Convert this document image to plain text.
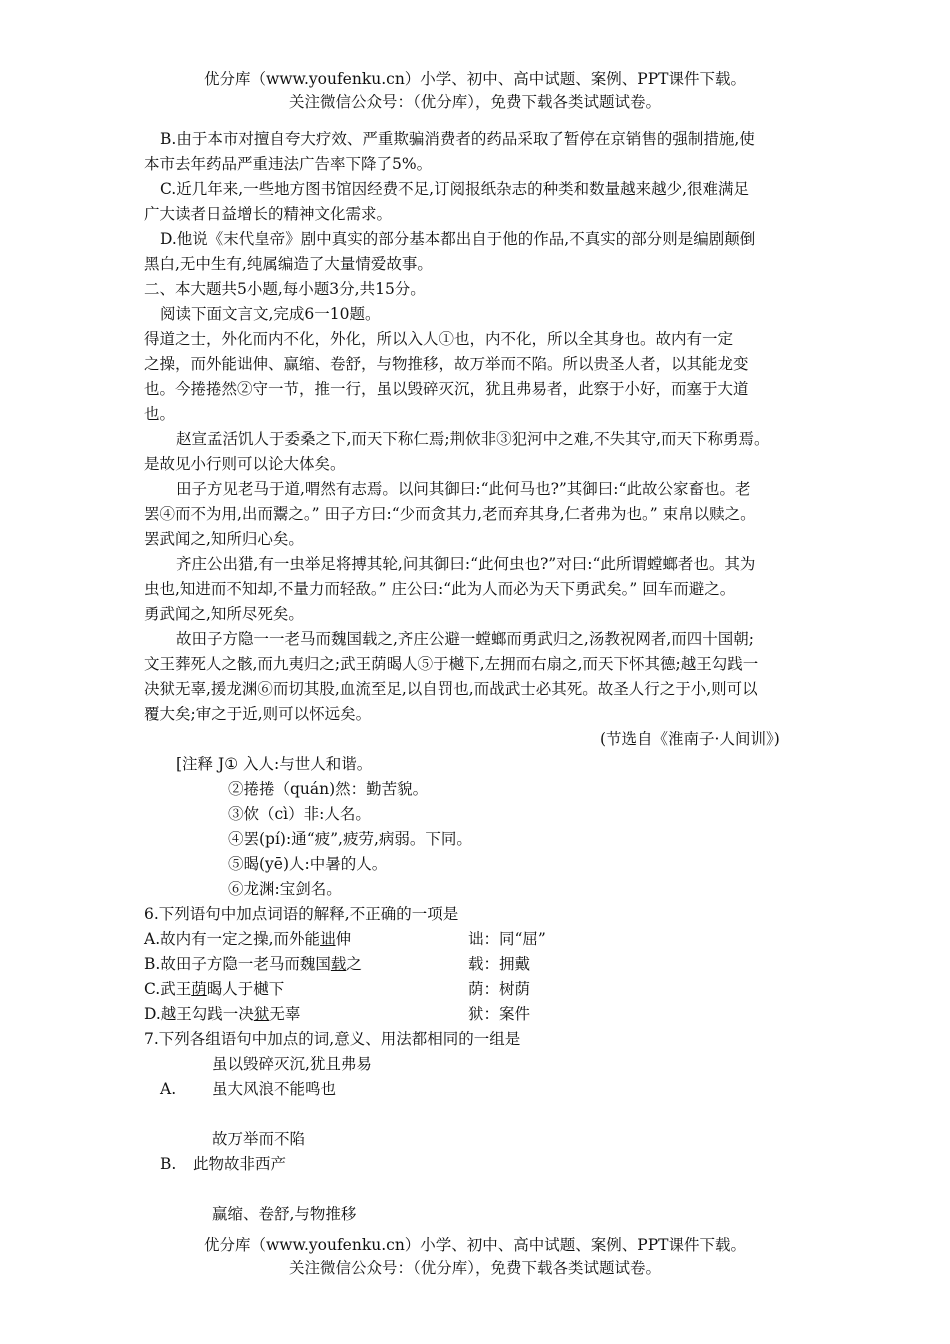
优分库（www.youfenku.cn）小学、初中、高中试题、案例、PPT课件下载。
关注微信公众号：（优分库），免费下载各类试题试卷。
B.由于本市对擅自夸大疗效、严重欺骗消费者的药品采取了暂停在京销售的强制措施,使
本市去年药品严重违法广告率下降了5%。
C.近几年来,一些地方图书馆因经费不足,订阅报纸杂志的种类和数量越来越少,很难满足
广大读者日益增长的精神文化需求。
D.他说《末代皇帝》剧中真实的部分基本都出自于他的作品,不真实的部分则是编剧颠倒
黑白,无中生有,纯属编造了大量情爱故事。
二、本大题共5小题,每小题3分,共15分。
阅读下面文言文,完成6一10题。
得道之士，外化而内不化，外化，所以入人①也，内不化，所以全其身也。故内有一定
之操，而外能诎伸、赢缩、卷舒，与物推移，故万举而不陷。所以贵圣人者，以其能龙变
也。今捲捲然②守一节，推一行，虽以毁碎灭沉，犹且弗易者，此察于小好，而塞于大道
也。
赵宣孟活饥人于委桑之下,而天下称仁焉;荆佽非③犯河中之难,不失其守,而天下称勇焉。
是故见小行则可以论大体矣。
田子方见老马于道,喟然有志焉。以问其御曰:“此何马也?”其御曰:“此故公家畜也。老
罢④而不为用,出而鬻之。” 田子方曰:“少而贪其力,老而弃其身,仁者弗为也。” 束帛以赎之。
罢武闻之,知所归心矣。
齐庄公出猎,有一虫举足将搏其轮,问其御曰:“此何虫也?”对曰:“此所谓螳螂者也。其为
虫也,知进而不知却,不量力而轻敌。” 庄公曰:“此为人而必为天下勇武矣。” 回车而避之。
勇武闻之,知所尽死矣。
故田子方隐一一老马而魏国载之,齐庄公避一螳螂而勇武归之,汤教祝网者,而四十国朝;
文王葬死人之骸,而九夷归之;武王荫暍人⑤于樾下,左拥而右扇之,而天下怀其德;越王勾践一
决狱无辜,援龙渊⑥而切其股,血流至足,以自罚也,而战武士必其死。故圣人行之于小,则可以
覆大矣;审之于近,则可以怀远矣。
(节选自《淮南子·人间训》)
[注释 J① 入人:与世人和谐。
②捲捲（quán)然：勤苦貌。
③佽（cì）非:人名。
④罢(pí):通“疲”,疲劳,病弱。下同。
⑤暍(yē)人:中暑的人。
⑥龙渊:宝剑名。
6.下列语句中加点词语的解释,不正确的一项是
A.故内有一定之操,而外能诎伸	诎：同“屈”
B.故田子方隐一老马而魏国载之	载：拥戴
C.武王荫暍人于樾下	荫：树荫
D.越王勾践一决狱无辜	狱：案件
7.下列各组语句中加点的词,意义、用法都相同的一组是
虽以毁碎灭沉,犹且弗易
A. 虽大风浪不能鸣也
故万举而不陷
B. 此物故非西产
赢缩、卷舒,与物推移
优分库（www.youfenku.cn）小学、初中、高中试题、案例、PPT课件下载。
关注微信公众号：（优分库），免费下载各类试题试卷。
